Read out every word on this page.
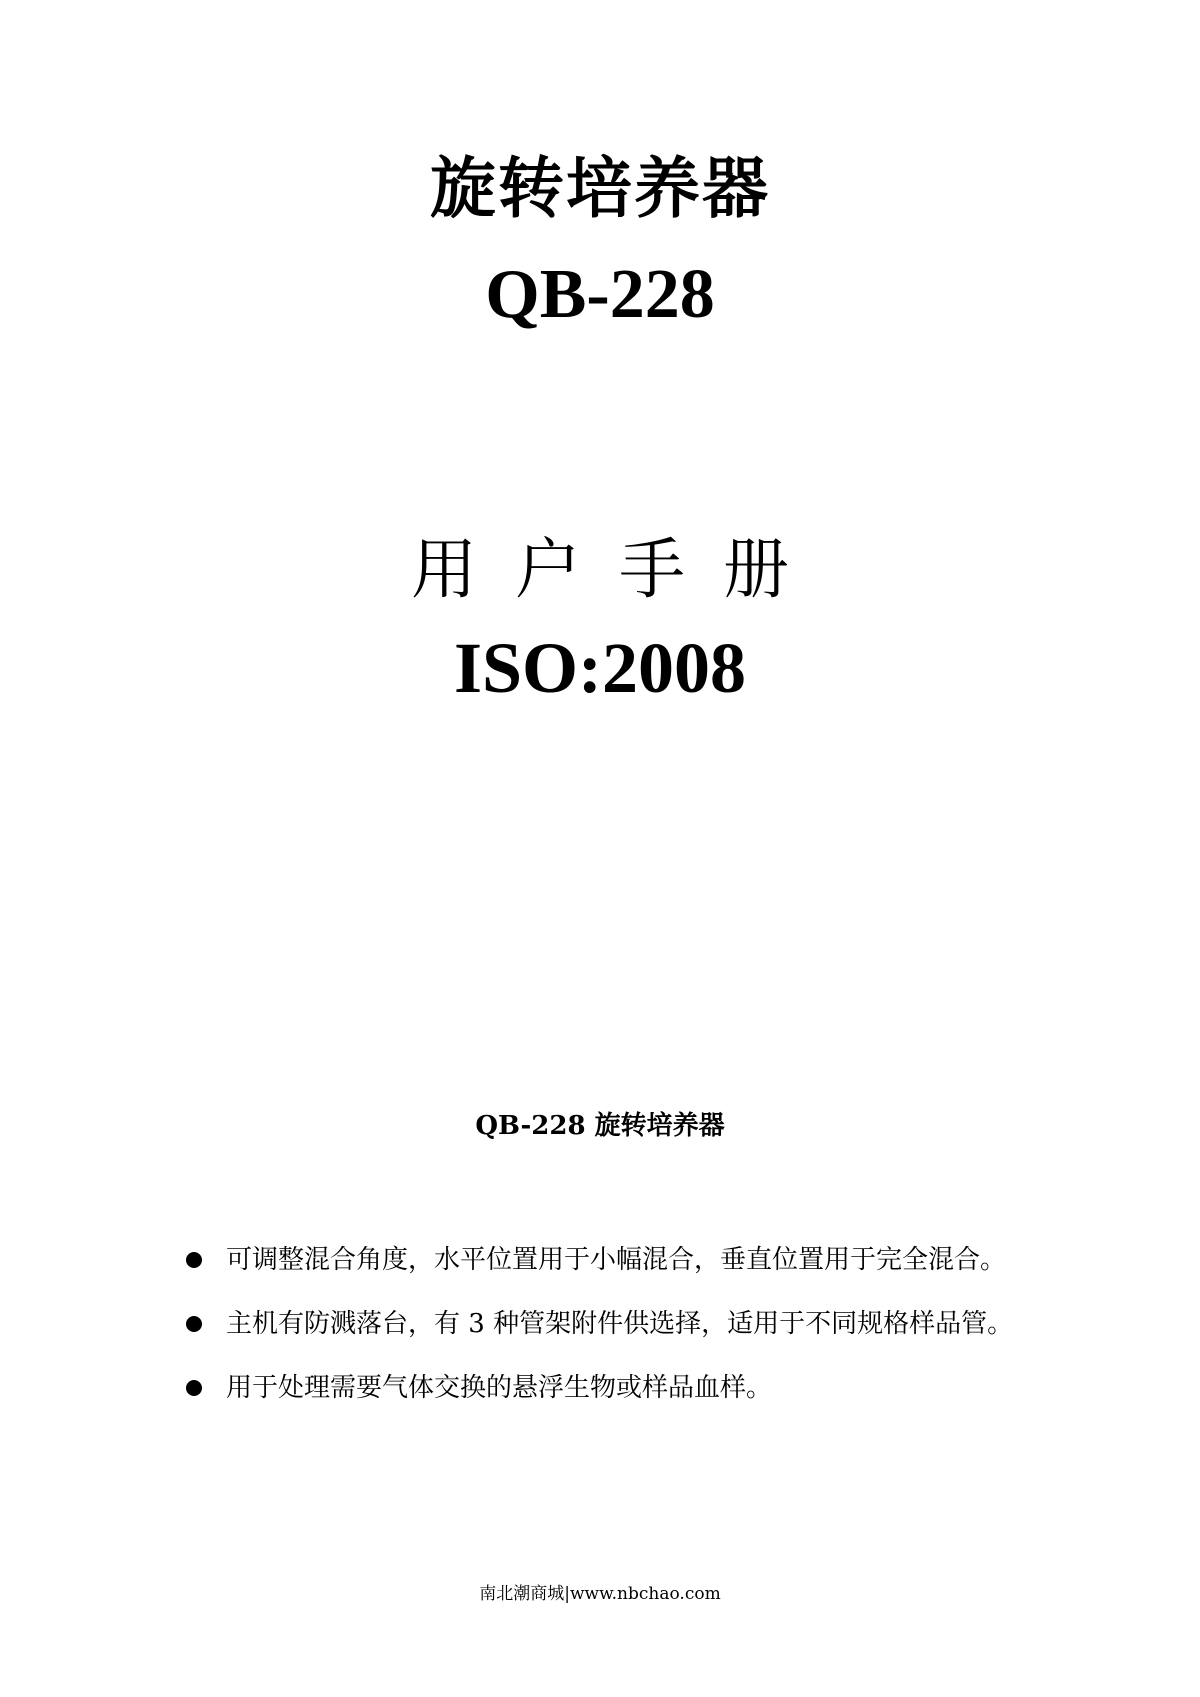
旋转培养器
QB-228
用户手册
ISO:2008
QB-228 旋转培养器
可调整混合角度，水平位置用于小幅混合，垂直位置用于完全混合。
主机有防溅落台，有 3 种管架附件供选择，适用于不同规格样品管。
用于处理需要气体交换的悬浮生物或样品血样。
南北潮商城|www.nbchao.com
